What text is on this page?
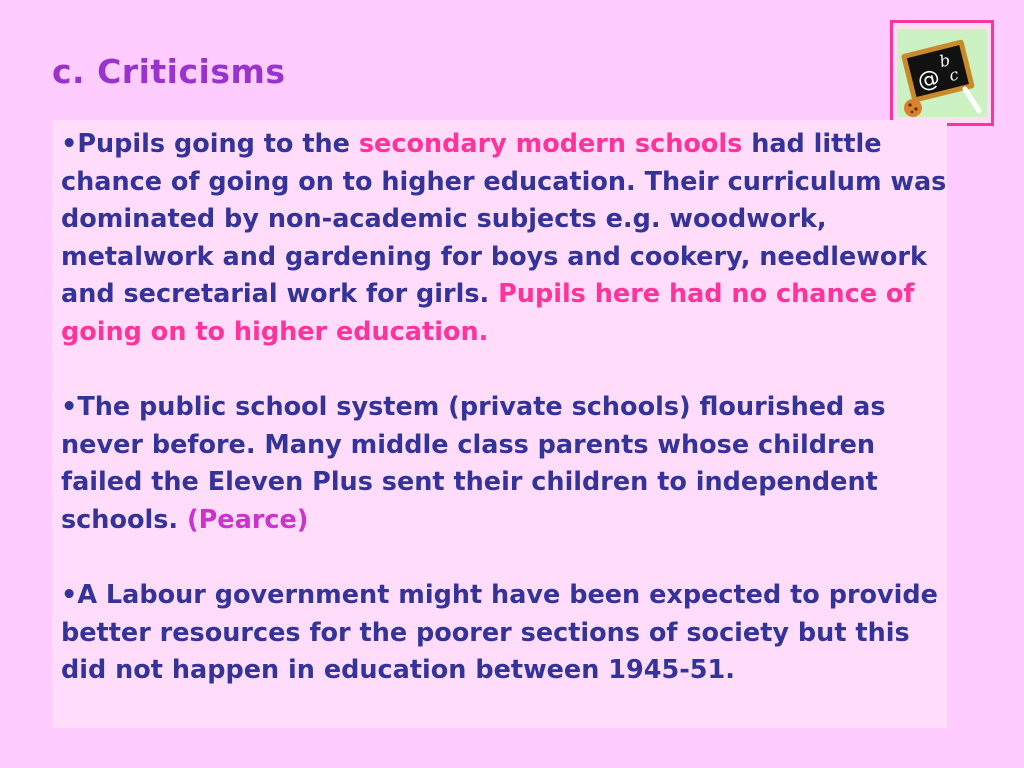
c. Criticisms	@
b
c

•Pupils going to the secondary modern schools had little chance of going on to higher education. Their curriculum was dominated by non-academic subjects e.g. woodwork, metalwork and gardening for boys and cookery, needlework and secretarial work for girls. Pupils here had no chance of going on to higher education.

•The public school system (private schools) flourished as never before. Many middle class parents whose children failed the Eleven Plus sent their children to independent schools. (Pearce)

•A Labour government might have been expected to provide better resources for the poorer sections of society but this did not happen in education between 1945-51.
